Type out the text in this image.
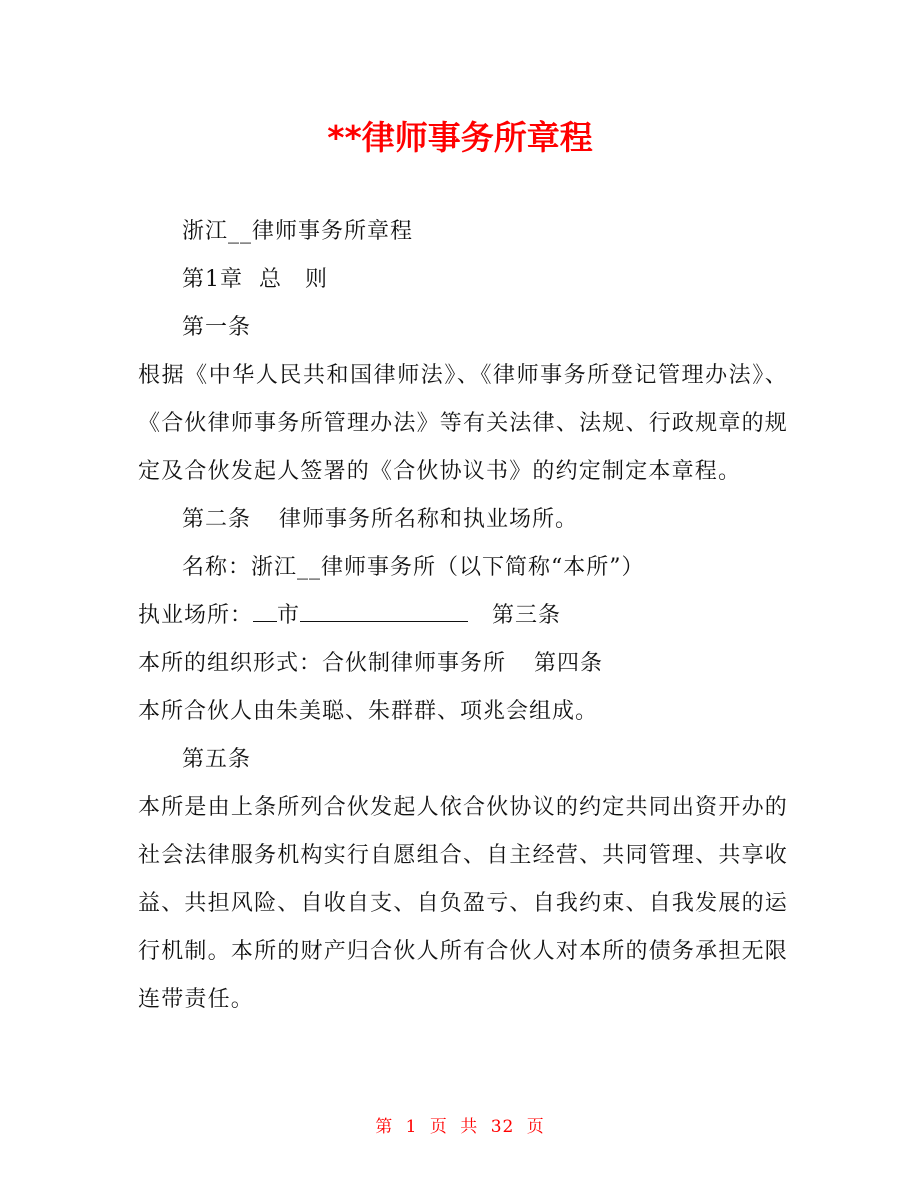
**律师事务所章程
浙江__律师事务所章程
第1章 总　则
第一条
根据《中华人民共和国律师法》、《律师事务所登记管理办法》、《合伙律师事务所管理办法》等有关法律、法规、行政规章的规定及合伙发起人签署的《合伙协议书》的约定制定本章程。
第二条 律师事务所名称和执业场所。
名称：浙江__律师事务所（以下简称“本所”）
执业场所： 市	第三条
本所的组织形式：合伙制律师事务所 第四条
本所合伙人由朱美聪、朱群群、项兆会组成。
第五条
本所是由上条所列合伙发起人依合伙协议的约定共同出资开办的社会法律服务机构实行自愿组合、自主经营、共同管理、共享收益、共担风险、自收自支、自负盈亏、自我约束、自我发展的运行机制。本所的财产归合伙人所有合伙人对本所的债务承担无限连带责任。
第 1 页 共 32 页
